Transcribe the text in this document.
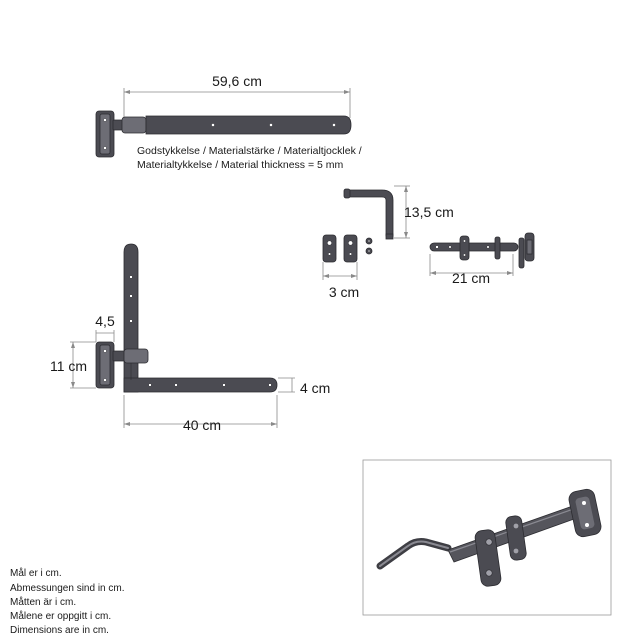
59,6 cm
Godstykkelse / Materialstärke / Materialtjocklek /
Materialtykkelse / Material thickness = 5 mm
13,5 cm
3 cm
21 cm
4,5
11 cm
4 cm
40 cm
Mål er i cm.
Abmessungen sind in cm.
Måtten är i cm.
Målene er oppgitt i cm.
Dimensions are in cm.
